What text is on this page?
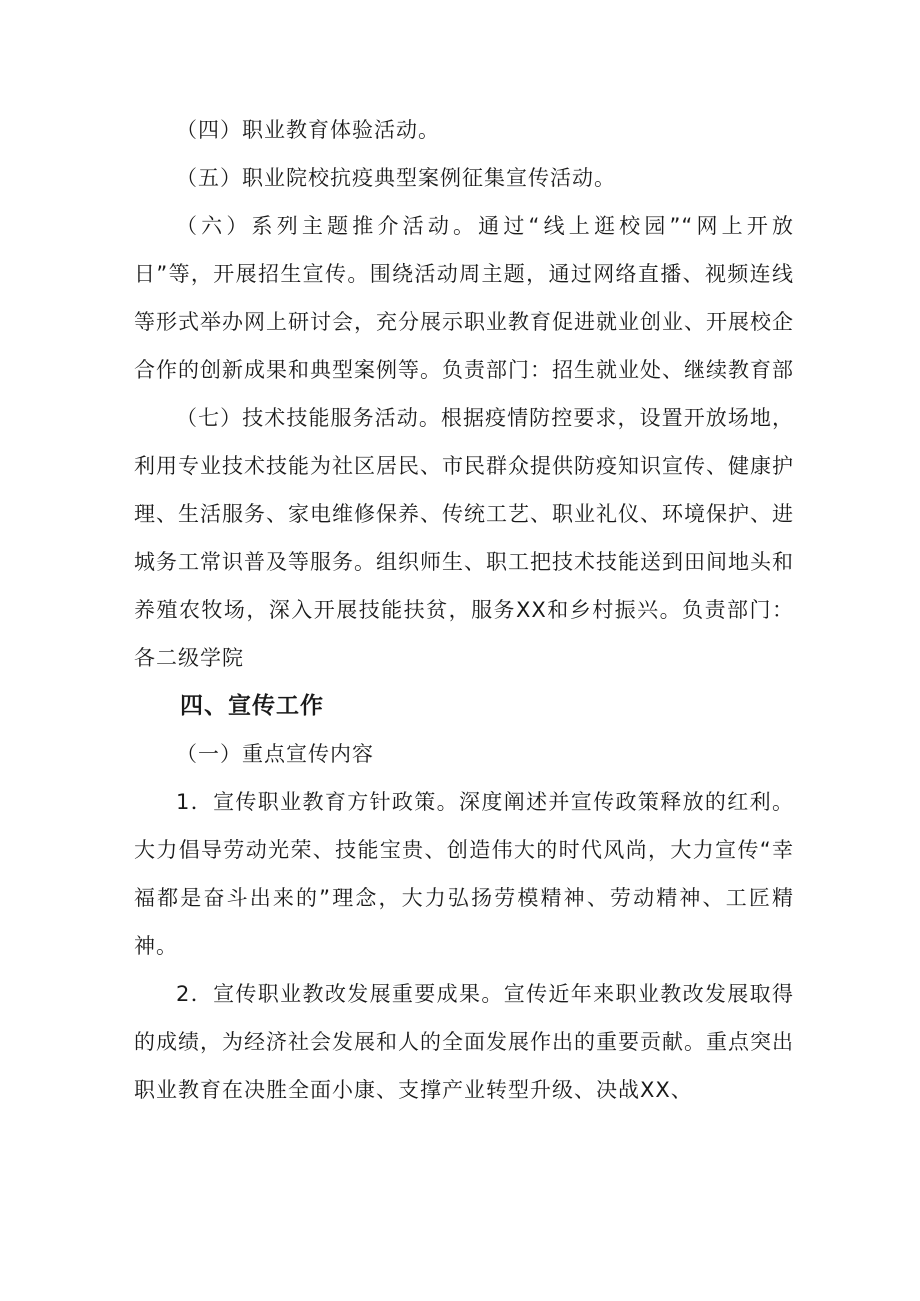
（四）职业教育体验活动。

（五）职业院校抗疫典型案例征集宣传活动。

（六）系列主题推介活动。通过“线上逛校园”“网上开放日”等，开展招生宣传。围绕活动周主题，通过网络直播、视频连线等形式举办网上研讨会，充分展示职业教育促进就业创业、开展校企合作的创新成果和典型案例等。负责部门：招生就业处、继续教育部

（七）技术技能服务活动。根据疫情防控要求，设置开放场地，利用专业技术技能为社区居民、市民群众提供防疫知识宣传、健康护理、生活服务、家电维修保养、传统工艺、职业礼仪、环境保护、进城务工常识普及等服务。组织师生、职工把技术技能送到田间地头和养殖农牧场，深入开展技能扶贫，服务XX和乡村振兴。负责部门：各二级学院

四、宣传工作

（一）重点宣传内容

1．宣传职业教育方针政策。深度阐述并宣传政策释放的红利。大力倡导劳动光荣、技能宝贵、创造伟大的时代风尚，大力宣传“幸福都是奋斗出来的”理念，大力弘扬劳模精神、劳动精神、工匠精神。

2．宣传职业教改发展重要成果。宣传近年来职业教改发展取得的成绩，为经济社会发展和人的全面发展作出的重要贡献。重点突出职业教育在决胜全面小康、支撑产业转型升级、决战XX、
